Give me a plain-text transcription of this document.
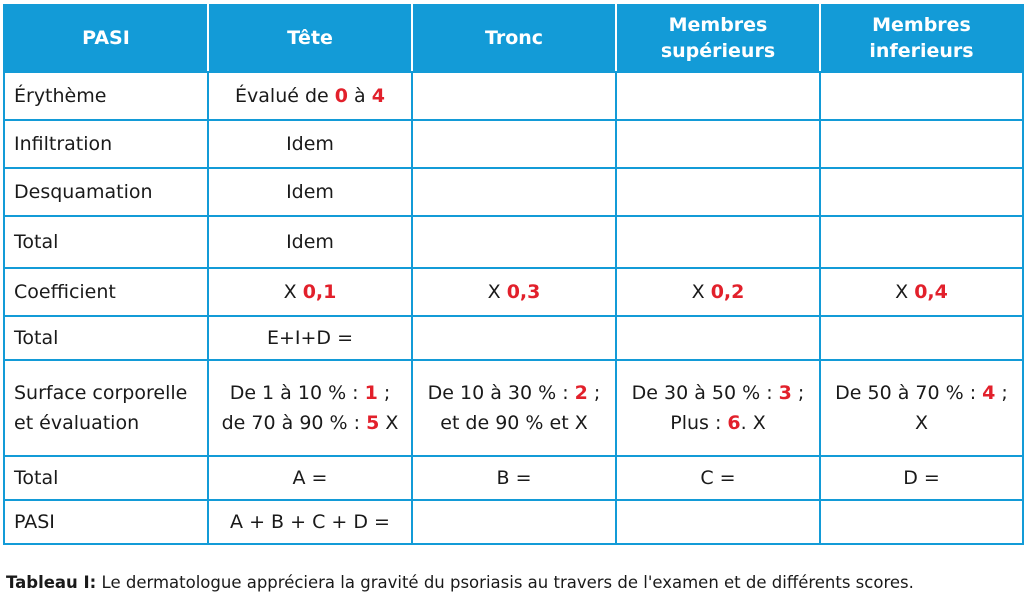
PASI	Tête	Tronc	Membres supérieurs	Membres inferieurs
Érythème	Évalué de 0 à 4			
Infiltration	Idem			
Desquamation	Idem			
Total	Idem			
Coefficient	X 0,1	X 0,3	X 0,2	X 0,4
Total	E+I+D =			
Surface corporelle et évaluation	De 1 à 10 % : 1 ; de 70 à 90 % : 5 X	De 10 à 30 % : 2 ; et de 90 % et X	De 30 à 50 % : 3 ; Plus : 6. X	De 50 à 70 % : 4 ; X
Total	A =	B =	C =	D =
PASI	A + B + C + D =			
Tableau I: Le dermatologue appréciera la gravité du psoriasis au travers de l'examen et de différents scores.
